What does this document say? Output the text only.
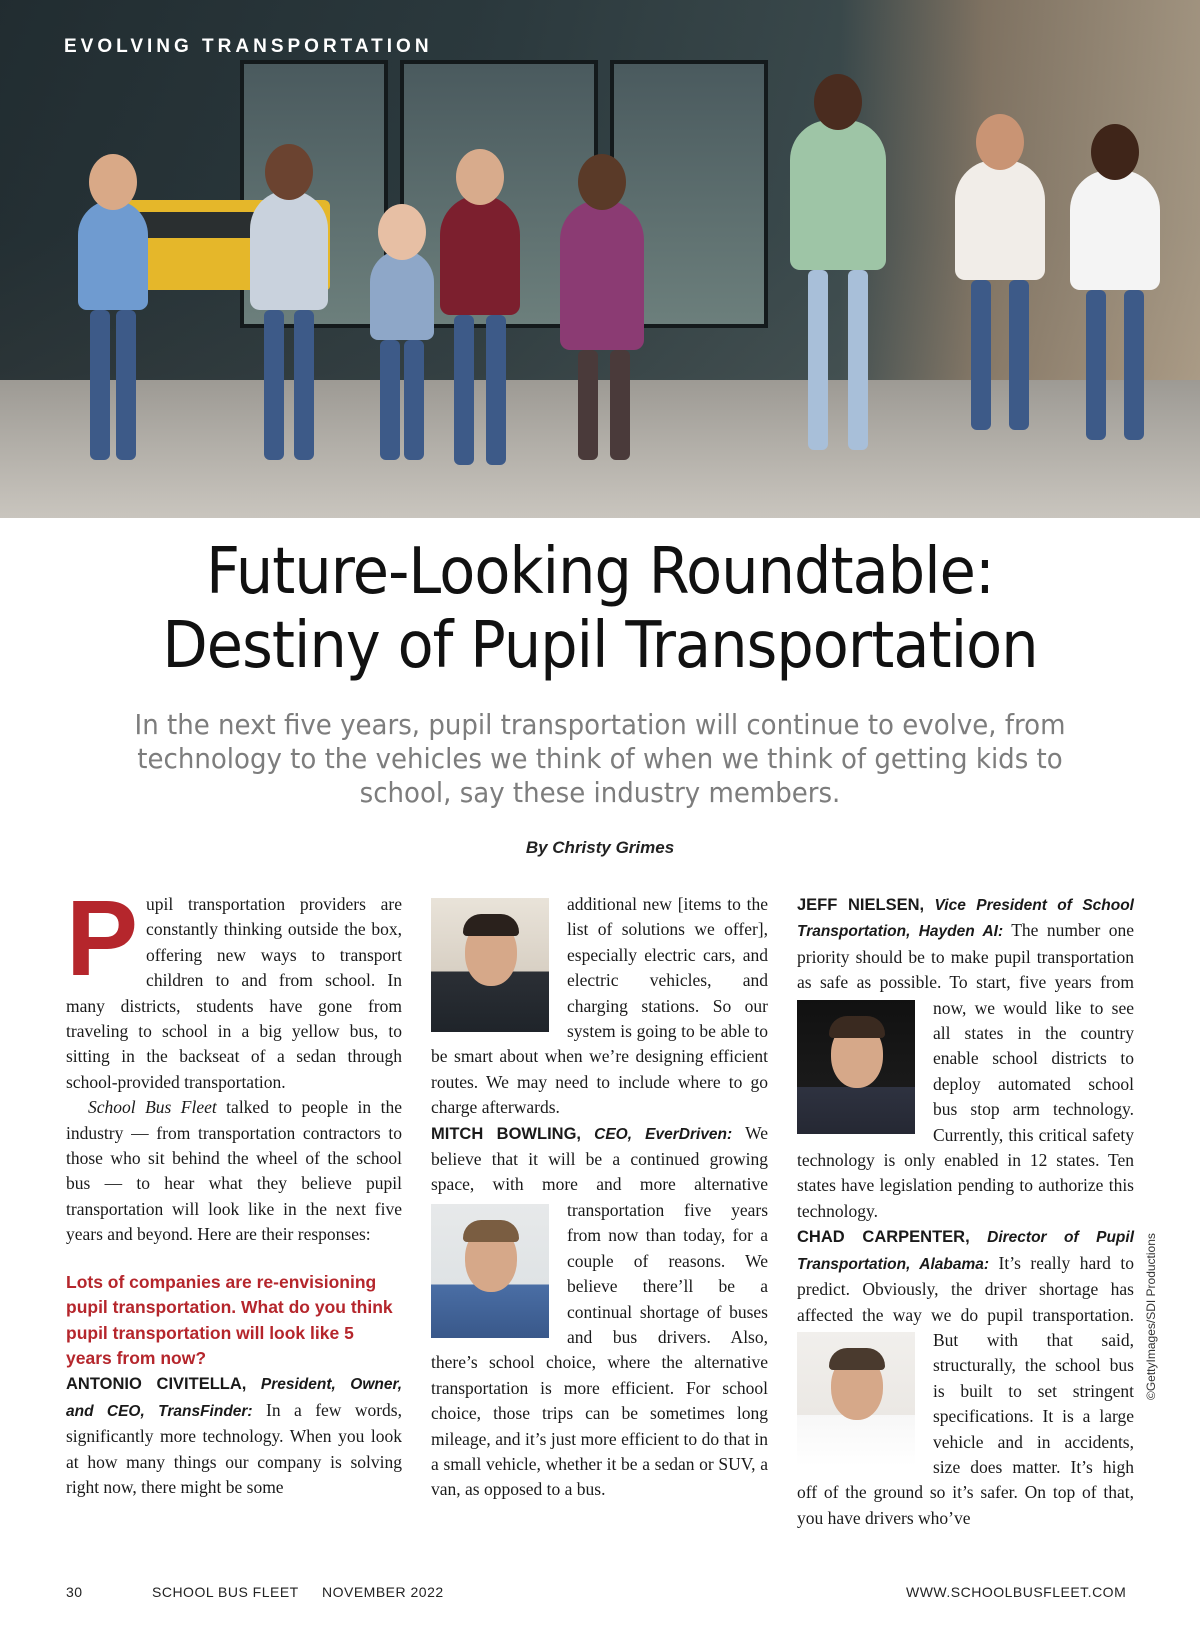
EVOLVING TRANSPORTATION
Future-Looking Roundtable:
Destiny of Pupil Transportation
In the next five years, pupil transportation will continue to evolve, from technology to the vehicles we think of when we think of getting kids to school, say these industry members.
By Christy Grimes

Pupil transportation providers are constantly thinking outside the box, offering new ways to transport children to and from school. In many districts, students have gone from traveling to school in a big yellow bus, to sitting in the backseat of a sedan through school-provided transportation.

School Bus Fleet talked to people in the industry — from transportation contractors to those who sit behind the wheel of the school bus — to hear what they believe pupil transportation will look like in the next five years and beyond. Here are their responses:

Lots of companies are re-envisioning pupil transportation. What do you think pupil transportation will look like 5 years from now?

ANTONIO CIVITELLA, President, Owner, and CEO, TransFinder: In a few words, significantly more technology. When you look at how many things our company is solving right now, there might be some

additional new [items to the list of solutions we offer], especially electric cars, and electric vehicles, and charging stations. So our system is going to be able to be smart about when we’re designing efficient routes. We may need to include where to go charge afterwards.

MITCH BOWLING, CEO, EverDriven: We believe that it will be a continued growing space, with more and more alternative
transportation five years from now than today, for a couple of reasons. We believe there’ll be a continual shortage of buses and bus drivers. Also, there’s school choice, where the alternative transportation is more efficient. For school choice, those trips can be sometimes long mileage, and it’s just more efficient to do that in a small vehicle, whether it be a sedan or SUV, a van, as opposed to a bus.

JEFF NIELSEN, Vice President of School Transportation, Hayden AI: The number one priority should be to make pupil transportation as safe as possible. To start, five years from
now, we would like to see all states in the country enable school districts to deploy automated school bus stop arm technology. Currently, this critical safety technology is only enabled in 12 states. Ten states have legislation pending to authorize this technology.

CHAD CARPENTER, Director of Pupil Transportation, Alabama: It’s really hard to predict. Obviously, the driver shortage has affected the way we do pupil transportation. But with that said,
structurally, the school bus is built to set stringent specifications. It is a large vehicle and in accidents, size does matter. It’s high off of the ground so it’s safer. On top of that, you have drivers who’ve

©GettyImages/SDI Productions
30	SCHOOL BUS FLEET NOVEMBER 2022	WWW.SCHOOLBUSFLEET.COM
